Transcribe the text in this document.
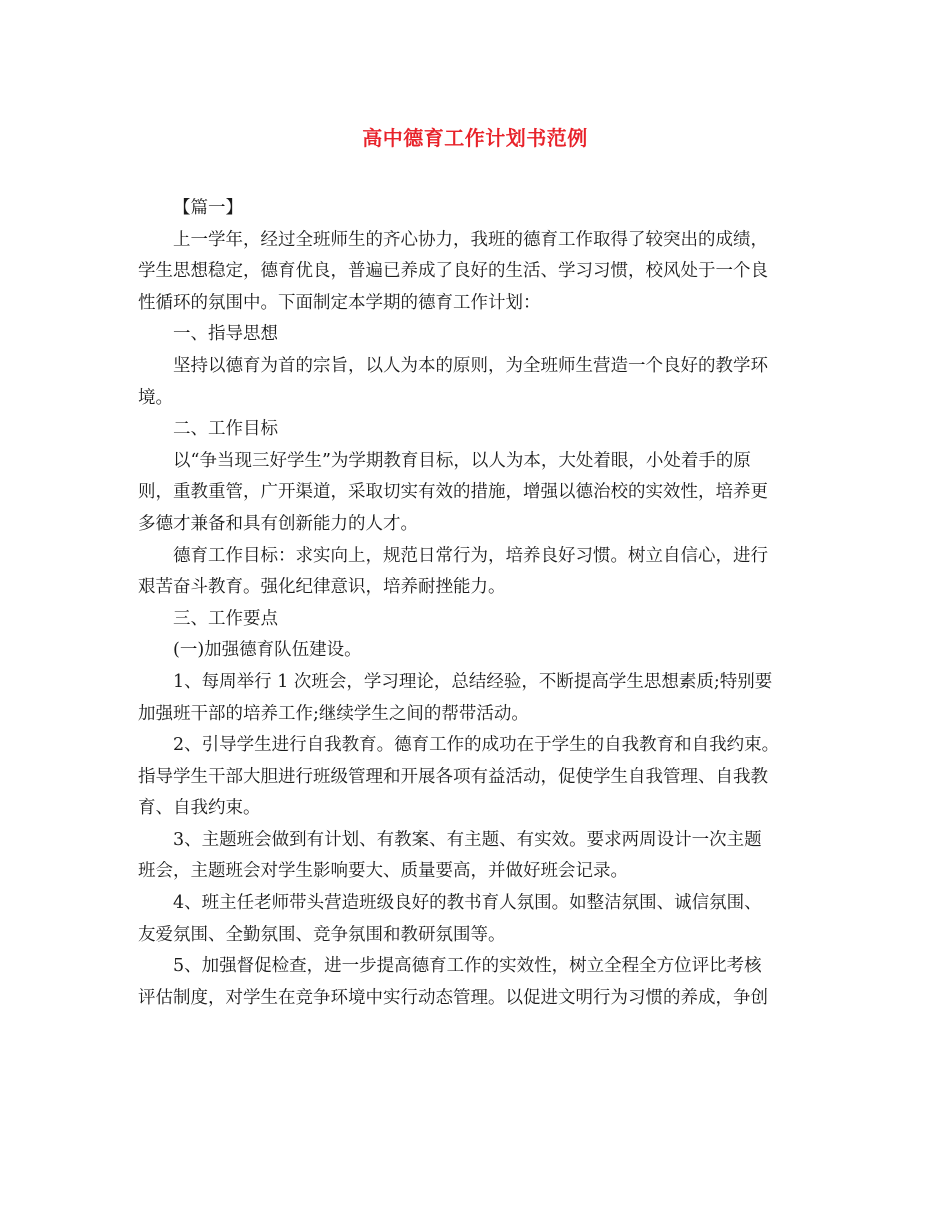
高中德育工作计划书范例
【篇一】
上一学年，经过全班师生的齐心协力，我班的德育工作取得了较突出的成绩，
学生思想稳定，德育优良，普遍已养成了良好的生活、学习习惯，校风处于一个良
性循环的氛围中。下面制定本学期的德育工作计划：
一、指导思想
坚持以德育为首的宗旨，以人为本的原则，为全班师生营造一个良好的教学环
境。
二、工作目标
以“争当现三好学生”为学期教育目标，以人为本，大处着眼，小处着手的原
则，重教重管，广开渠道，采取切实有效的措施，增强以德治校的实效性，培养更
多德才兼备和具有创新能力的人才。
德育工作目标：求实向上，规范日常行为，培养良好习惯。树立自信心，进行
艰苦奋斗教育。强化纪律意识，培养耐挫能力。
三、工作要点
(一)加强德育队伍建设。
1、每周举行 1 次班会，学习理论，总结经验，不断提高学生思想素质;特别要
加强班干部的培养工作;继续学生之间的帮带活动。
2、引导学生进行自我教育。德育工作的成功在于学生的自我教育和自我约束。
指导学生干部大胆进行班级管理和开展各项有益活动，促使学生自我管理、自我教
育、自我约束。
3、主题班会做到有计划、有教案、有主题、有实效。要求两周设计一次主题
班会，主题班会对学生影响要大、质量要高，并做好班会记录。
4、班主任老师带头营造班级良好的教书育人氛围。如整洁氛围、诚信氛围、
友爱氛围、全勤氛围、竞争氛围和教研氛围等。
5、加强督促检查，进一步提高德育工作的实效性，树立全程全方位评比考核
评估制度，对学生在竞争环境中实行动态管理。以促进文明行为习惯的养成，争创
